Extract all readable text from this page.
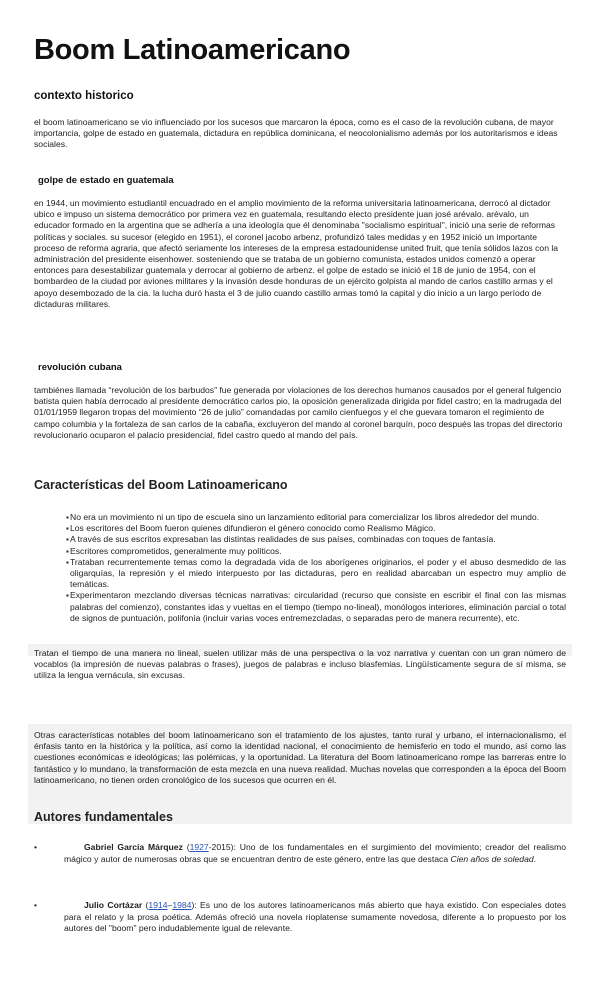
Boom Latinoamericano
contexto historico
el boom latinoamericano se vio influenciado por los sucesos que marcaron la época, como es el caso de la revolución cubana, de mayor importancia, golpe de estado en guatemala, dictadura en república dominicana, el neocolonialismo además por los autoritarismos e ideas sociales.
golpe de estado en guatemala
en 1944, un movimiento estudiantil encuadrado en el amplio movimiento de la reforma universitaria latinoamericana, derrocó al dictador ubico e impuso un sistema democrático por primera vez en guatemala, resultando electo presidente juan josé arévalo. arévalo, un educador formado en la argentina que se adhería a una ideología que él denominaba "socialismo espiritual", inició una serie de reformas políticas y sociales. su sucesor (elegido en 1951), el coronel jacobo arbenz, profundizó tales medidas y en 1952 inició un importante proceso de reforma agraria, que afectó seriamente los intereses de la empresa estadounidense united fruit, que tenía sólidos lazos con la administración del presidente eisenhower. sosteniendo que se trataba de un gobierno comunista, estados unidos comenzó a operar entonces para desestabilizar guatemala y derrocar al gobierno de arbenz. el golpe de estado se inició el 18 de junio de 1954, con el bombardeo de la ciudad por aviones militares y la invasión desde honduras de un ejército golpista al mando de carlos castillo armas y el apoyo desembozado de la cia. la lucha duró hasta el 3 de julio cuando castillo armas tomó la capital y dio inicio a un largo período de dictaduras militares.
revolución cubana
tambiénes llamada “revolución de los barbudos” fue generada por violaciones de los derechos humanos causados por el general fulgencio batista quien había derrocado al presidente democrático carlos pio, la oposición generalizada dirigida por fidel castro; en la madrugada del 01/01/1959 llegaron tropas del movimiento “26 de julio” comandadas por camilo cienfuegos y el che guevara tomaron el regimiento de campo columbia y la fortaleza de san carlos de la cabaña, excluyeron del mando al coronel barquín, poco después las tropas del directorio revolucionario ocuparon el palacio presidencial, fidel castro quedo al mando del país.
Características del Boom Latinoamericano
▪ No era un movimiento ni un tipo de escuela sino un lanzamiento editorial para comercializar los libros alrededor del mundo.
▪ Los escritores del Boom fueron quienes difundieron el género conocido como Realismo Mágico.
▪ A través de sus escritos expresaban las distintas realidades de sus países, combinadas con toques de fantasía.
▪ Escritores comprometidos, generalmente muy políticos.
▪ Trataban recurrentemente temas como la degradada vida de los aborígenes originarios, el poder y el abuso desmedido de las oligarquías, la represión y el miedo interpuesto por las dictaduras, pero en realidad abarcaban un espectro muy amplio de temáticas.
▪ Experimentaron mezclando diversas técnicas narrativas: circularidad (recurso que consiste en escribir el final con las mismas palabras del comienzo), constantes idas y vueltas en el tiempo (tiempo no-lineal), monólogos interiores, eliminación parcial o total de signos de puntuación, polifonía (incluir varias voces entremezcladas, o separadas pero de manera recurrente), etc.
Tratan el tiempo de una manera no lineal, suelen utilizar más de una perspectiva o la voz narrativa y cuentan con un gran número de vocablos (la impresión de nuevas palabras o frases), juegos de palabras e incluso blasfemias. Lingüísticamente segura de sí misma, se utiliza la lengua vernácula, sin excusas.
Otras características notables del boom latinoamericano son el tratamiento de los ajustes, tanto rural y urbano, el internacionalismo, el énfasis tanto en la histórica y la política, así como la identidad nacional, el conocimiento de hemisferio en todo el mundo, así como las cuestiones económicas e ideológicas; las polémicas, y la oportunidad. La literatura del Boom latinoamericano rompe las barreras entre lo fantástico y lo mundano, la transformación de esta mezcla en una nueva realidad. Muchas novelas que corresponden a la época del Boom latinoamericano, no tienen orden cronológico de los sucesos que ocurren en él.
Autores fundamentales
•	Gabriel García Márquez (1927-2015): Uno de los fundamentales en el surgimiento del movimiento; creador del realismo mágico y autor de numerosas obras que se encuentran dentro de este género, entre las que destaca Cien años de soledad.
•	Julio Cortázar (1914–1984): Es uno de los autores latinoamericanos más abierto que haya existido. Con especiales dotes para el relato y la prosa poética. Además ofreció una novela rioplatense sumamente novedosa, diferente a lo propuesto por los autores del "boom" pero indudablemente igual de relevante.
